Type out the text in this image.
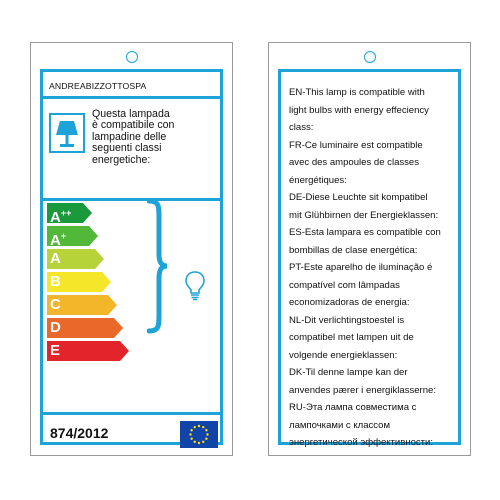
ANDREABIZZOTTOSPA
Questa lampada
è compatibile con
lampadine delle
seguenti classi
energetiche:
A++
A+
A
B
C
D
E
874/2012
EN-This lamp is compatible with
light bulbs with energy effeciency
class:
FR-Ce luminaire est compatible
avec des ampoules de classes
énergétiques:
DE-Diese Leuchte sit kompatibel
mit Glühbirnen der Energieklassen:
ES-Esta lampara es compatible con
bombillas de clase energética:
PT-Este aparelho de iluminação é
compatível com lâmpadas
economizadoras de energia:
NL-Dit verlichtingstoestel is
compatibel met lampen uit de
volgende energieklassen:
DK-Til denne lampe kan der
anvendes pærer i energiklasserne:
RU-Эта лампа совместима с
лампочками с классом
энергетической эффективности:
